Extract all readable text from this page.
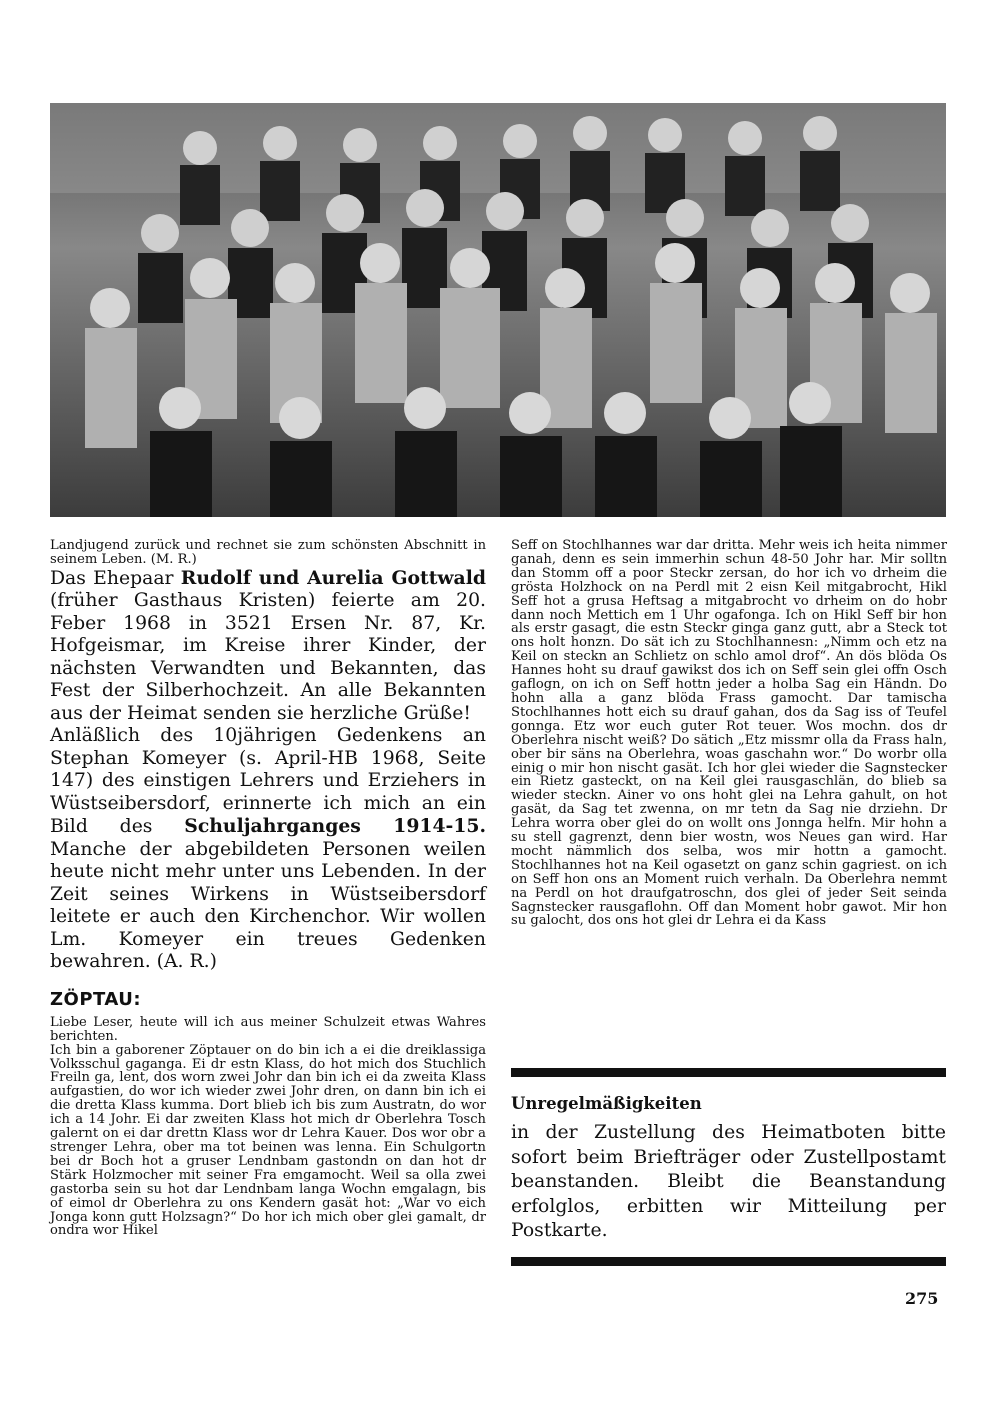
Landjugend zurück und rechnet sie zum schönsten Abschnitt in seinem Leben. (M. R.)

Das Ehepaar Rudolf und Aurelia Gottwald (früher Gasthaus Kristen) feierte am 20. Feber 1968 in 3521 Ersen Nr. 87, Kr. Hofgeismar, im Kreise ihrer Kinder, der nächsten Verwandten und Bekannten, das Fest der Silberhochzeit. An alle Bekannten aus der Heimat senden sie herzliche Grüße!

Anläßlich des 10jährigen Gedenkens an Stephan Komeyer (s. April-HB 1968, Seite 147) des einstigen Lehrers und Erziehers in Wüstseibersdorf, erinnerte ich mich an ein Bild des Schuljahrganges 1914-15. Manche der abgebildeten Personen weilen heute nicht mehr unter uns Lebenden. In der Zeit seines Wirkens in Wüstseibersdorf leitete er auch den Kirchenchor. Wir wollen Lm. Komeyer ein treues Gedenken bewahren. (A. R.)

ZÖPTAU:

Liebe Leser, heute will ich aus meiner Schulzeit etwas Wahres berichten.

Ich bin a gaborener Zöptauer on do bin ich a ei die dreiklassiga Volksschul gaganga. Ei dr estn Klass, do hot mich dos Stuchlich Freiln ga, lent, dos worn zwei Johr dan bin ich ei da zweita Klass aufgastien, do wor ich wieder zwei Johr dren, on dann bin ich ei die dretta Klass kumma. Dort blieb ich bis zum Austratn, do wor ich a 14 Johr. Ei dar zweiten Klass hot mich dr Oberlehra Tosch galernt on ei dar drettn Klass wor dr Lehra Kauer. Dos wor obr a strenger Lehra, ober ma tot beinen was lenna. Ein Schulgortn bei dr Boch hot a gruser Lendnbam gastondn on dan hot dr Stärk Holzmocher mit seiner Fra emgamocht. Weil sa olla zwei gastorba sein su hot dar Lendnbam langa Wochn emgalagn, bis of eimol dr Oberlehra zu ons Kendern gasät hot: „War vo eich Jonga konn gutt Holzsagn?“ Do hor ich mich ober glei gamalt, dr ondra wor Hikel

Seff on Stochlhannes war dar dritta. Mehr weis ich heita nimmer ganah, denn es sein immerhin schun 48-50 Johr har. Mir solltn dan Stomm off a poor Steckr zersan, do hor ich vo drheim die grösta Holzhock on na Perdl mit 2 eisn Keil mitgabrocht, Hikl Seff hot a grusa Heftsag a mitgabrocht vo drheim on do hobr dann noch Mettich em 1 Uhr ogafonga. Ich on Hikl Seff bir hon als erstr gasagt, die estn Steckr ginga ganz gutt, abr a Steck tot ons holt honzn. Do sät ich zu Stochlhannesn: „Nimm och etz na Keil on steckn an Schlietz on schlo amol drof“. An dös blöda Os Hannes hoht su drauf gawikst dos ich on Seff sein glei offn Osch gaflogn, on ich on Seff hottn jeder a holba Sag ein Händn. Do hohn alla a ganz blöda Frass gamocht. Dar tamischa Stochlhannes hott eich su drauf gahan, dos da Sag iss of Teufel gonnga. Etz wor euch guter Rot teuer. Wos mochn. dos dr Oberlehra nischt weiß? Do sätich „Etz missmr olla da Frass haln, ober bir säns na Oberlehra, woas gaschahn wor.“ Do worbr olla einig o mir hon nischt gasät. Ich hor glei wieder die Sagnstecker ein Rietz gasteckt, on na Keil glei rausgaschlän, do blieb sa wieder steckn. Ainer vo ons hoht glei na Lehra gahult, on hot gasät, da Sag tet zwenna, on mr tetn da Sag nie drziehn. Dr Lehra worra ober glei do on wollt ons Jonnga helfn. Mir hohn a su stell gagrenzt, denn bier wostn, wos Neues gan wird. Har mocht nämmlich dos selba, wos mir hottn a gamocht. Stochlhannes hot na Keil ogasetzt on ganz schin gagriest. on ich on Seff hon ons an Moment ruich verhaln. Da Oberlehra nemmt na Perdl on hot draufgatroschn, dos glei of jeder Seit seinda Sagnstecker rausgaflohn. Off dan Moment hobr gawot. Mir hon su galocht, dos ons hot glei dr Lehra ei da Kass

Unregelmäßigkeiten

in der Zustellung des Heimatboten bitte sofort beim Briefträger oder Zustellpostamt beanstanden. Bleibt die Beanstandung erfolglos, erbitten wir Mitteilung per Postkarte.

275
